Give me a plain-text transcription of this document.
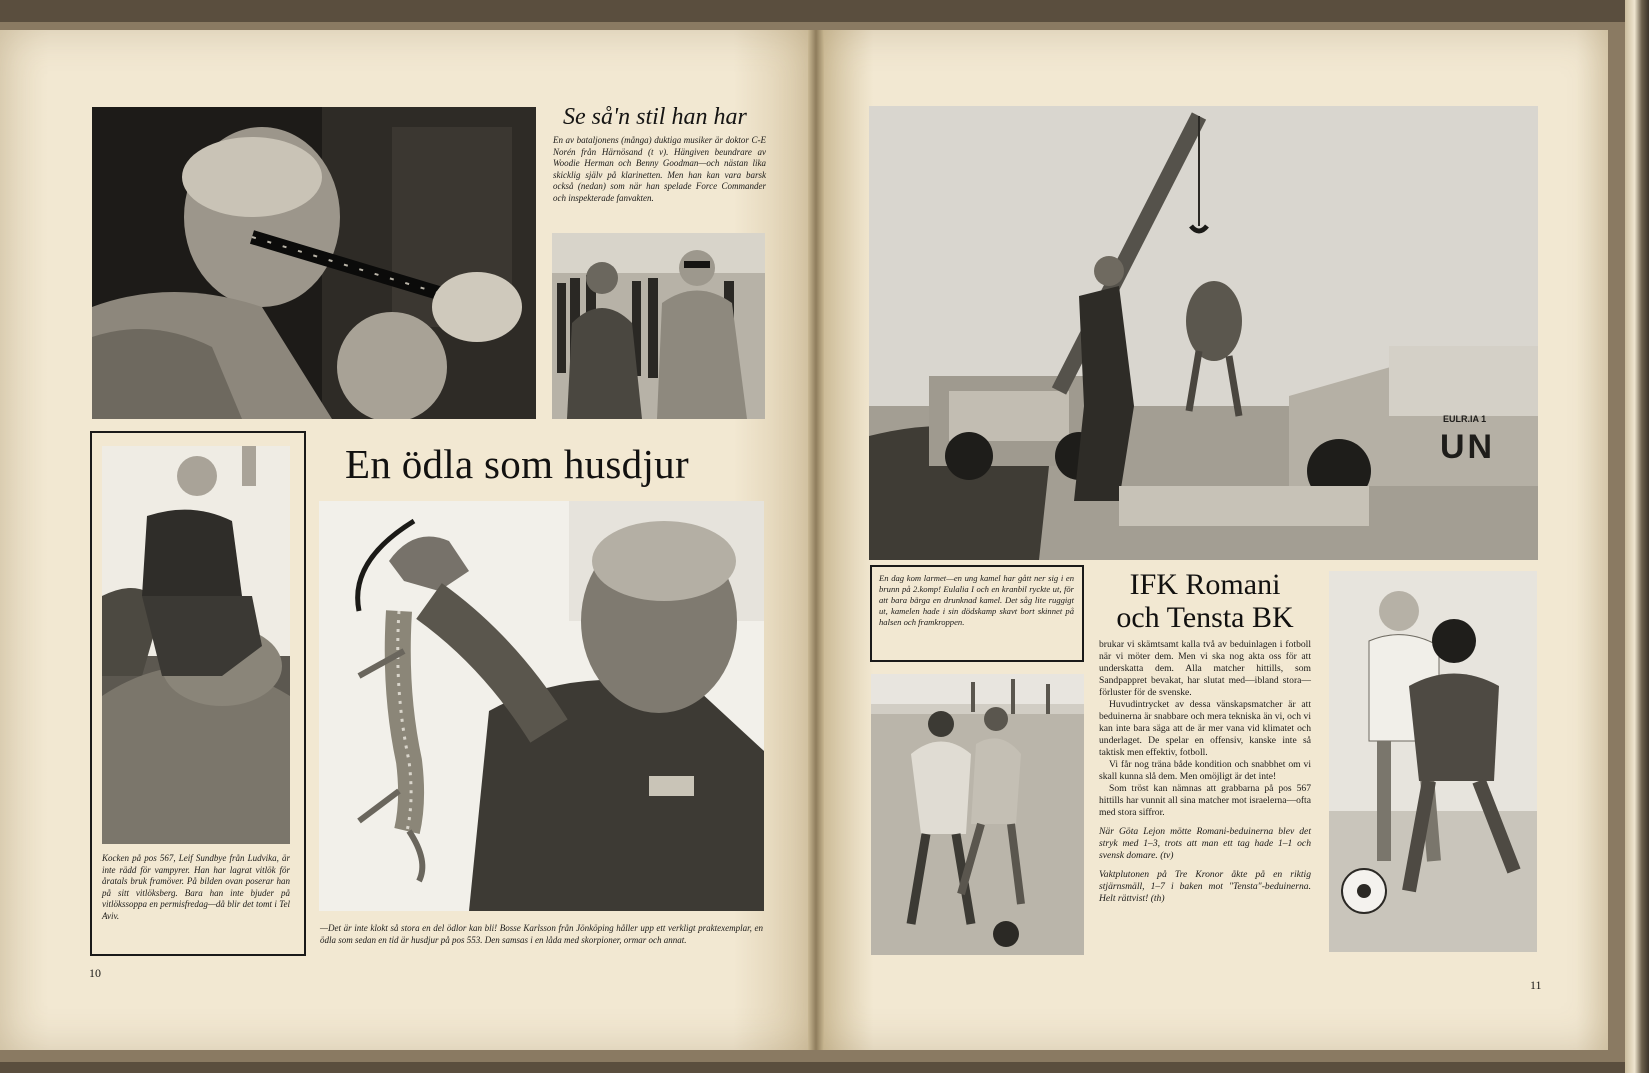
Se så'n stil han har
En av bataljonens (många) duktiga musiker är doktor C-E Norén från Härnösand (t v). Hängiven beundrare av Woodie Herman och Benny Goodman—och nästan lika skicklig själv på klarinetten. Men han kan vara barsk också (nedan) som när han spelade Force Commander och inspekterade fanvakten.
En ödla som husdjur
Kocken på pos 567, Leif Sundbye från Ludvika, är inte rädd för vampyrer. Han har lagrat vitlök för åratals bruk framöver. På bilden ovan poserar han på sitt vitlöksberg. Bara han inte bjuder på vitlökssoppa en permisfredag—då blir det tomt i Tel Aviv.
—Det är inte klokt så stora en del ödlor kan bli! Bosse Karlsson från Jönköping håller upp ett verkligt praktexemplar, en ödla som sedan en tid är husdjur på pos 553. Den samsas i en låda med skorpioner, ormar och annat.
10
EULR.IA 1
UN
En dag kom larmet—en ung kamel har gått ner sig i en brunn på 2.komp! Eulalia I och en kranbil ryckte ut, för att bara bärga en drunknad kamel. Det såg lite ruggigt ut, kamelen hade i sin dödskamp skavt bort skinnet på halsen och framkroppen.
IFK Romani
och Tensta BK

brukar vi skämtsamt kalla två av beduinlagen i fotboll när vi möter dem. Men vi ska nog akta oss för att underskatta dem. Alla matcher hittills, som Sandpappret bevakat, har slutat med—ibland stora—förluster för de svenske.

Huvudintrycket av dessa vänskapsmatcher är att beduinerna är snabbare och mera tekniska än vi, och vi kan inte bara säga att de är mer vana vid klimatet och underlaget. De spelar en offensiv, kanske inte så taktisk men effektiv, fotboll.

Vi får nog träna både kondition och snabbhet om vi skall kunna slå dem. Men omöjligt är det inte!

Som tröst kan nämnas att grabbarna på pos 567 hittills har vunnit all sina matcher mot israelerna—ofta med stora siffror.

När Göta Lejon mötte Romani-beduinerna blev det stryk med 1–3, trots att man ett tag hade 1–1 och svensk domare. (tv)

Vaktplutonen på Tre Kronor åkte på en riktig stjärnsmäll, 1–7 i baken mot "Tensta"-beduinerna. Helt rättvist! (th)

11
